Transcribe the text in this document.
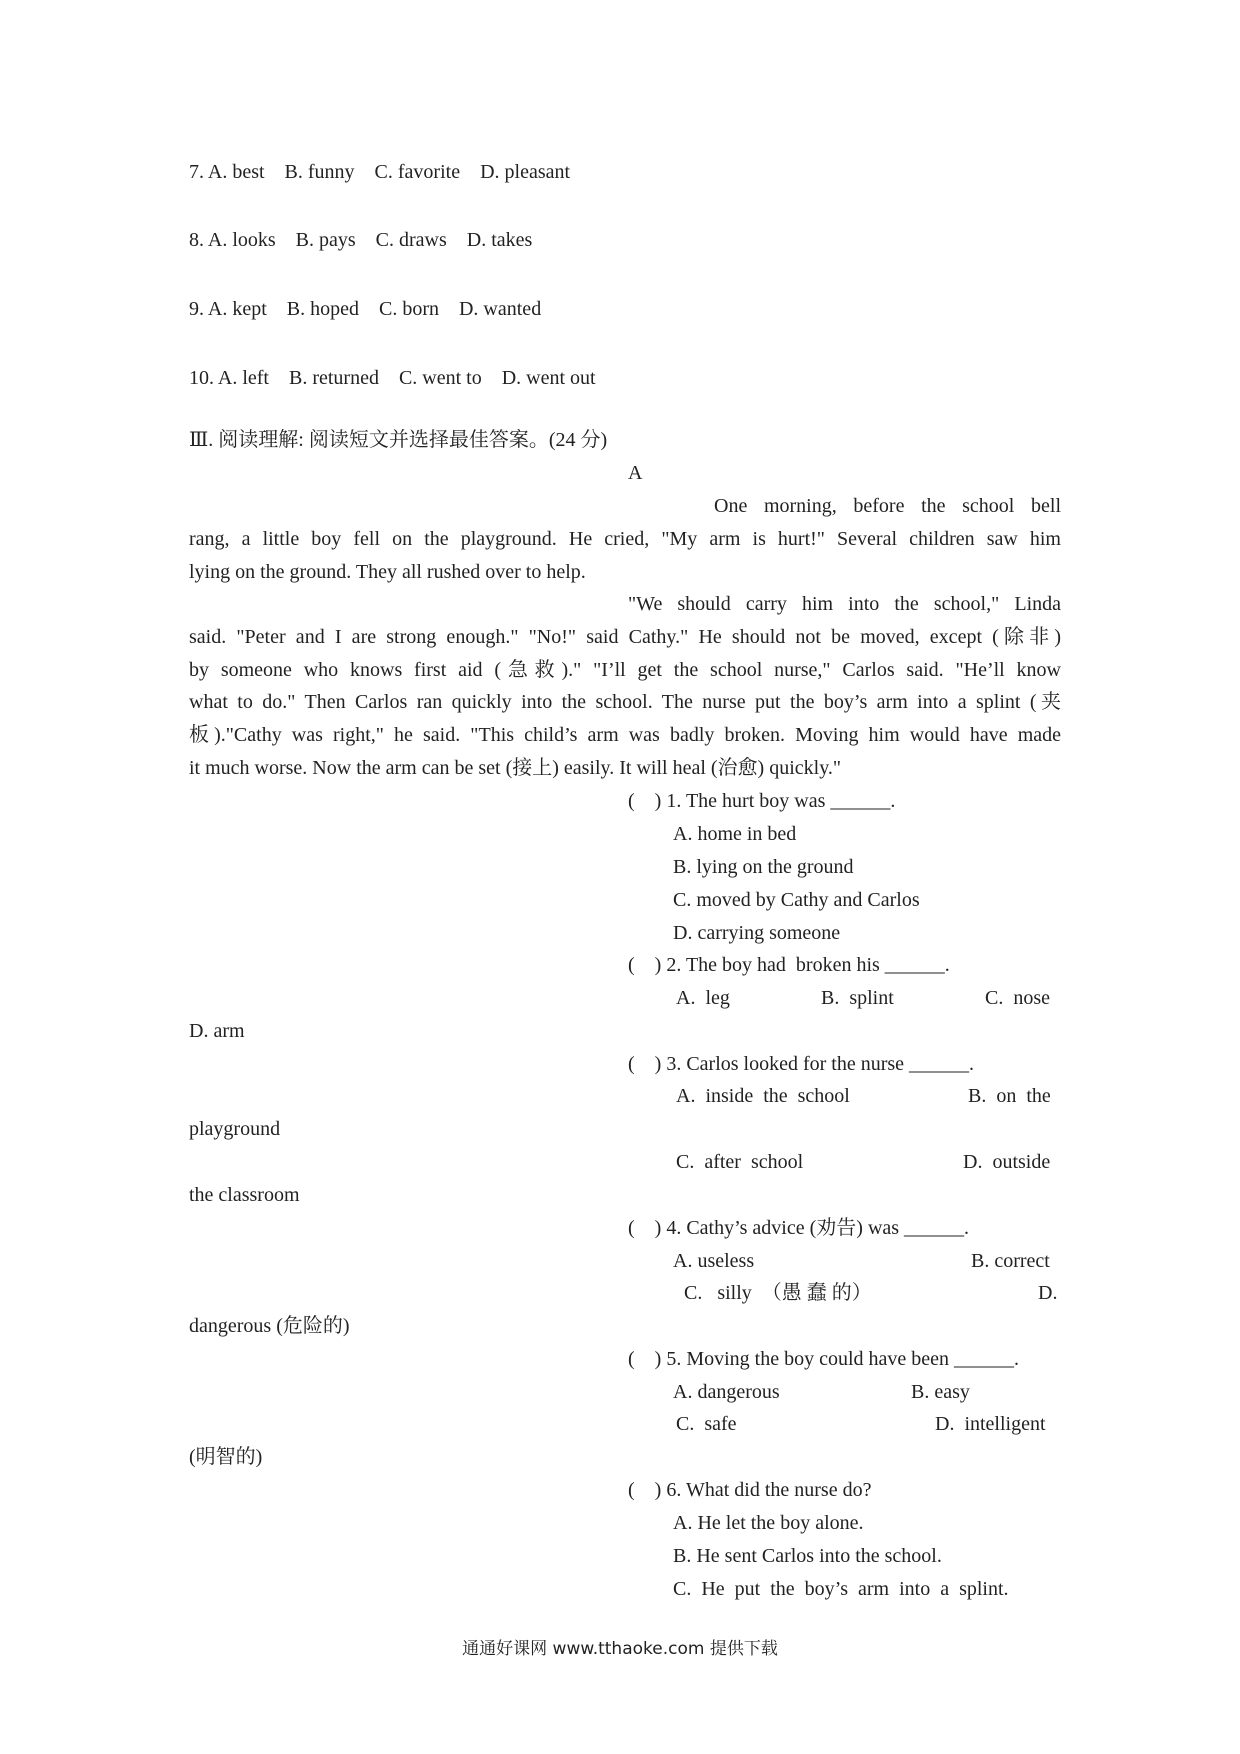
7. A. best    B. funny    C. favorite    D. pleasant
8. A. looks    B. pays    C. draws    D. takes
9. A. kept    B. hoped    C. born    D. wanted
10. A. left    B. returned    C. went to    D. went out
Ⅲ. 阅读理解: 阅读短文并选择最佳答案。(24 分)
A
One morning, before the school bell
rang, a little boy fell on the playground. He cried, "My arm is hurt!" Several children saw him
lying on the ground. They all rushed over to help.
"We should carry him into the school," Linda
said. "Peter and I are strong enough." "No!" said Cathy." He should not be moved, except (除非)
by someone who knows first aid (急救)." "I’ll get the school nurse," Carlos said. "He’ll know
what to do." Then Carlos ran quickly into the school. The nurse put the boy’s arm into a splint (夹
板)."Cathy was right," he said. "This child’s arm was badly broken. Moving him would have made
it much worse. Now the arm can be set (接上) easily. It will heal (治愈) quickly."
(    ) 1. The hurt boy was ______.
A. home in bed
B. lying on the ground
C. moved by Cathy and Carlos
D. carrying someone
(    ) 2. The boy had  broken his ______.
A.  leg	B.  splint	C.  nose
D. arm
(    ) 3. Carlos looked for the nurse ______.
A.  inside  the  school	B.  on  the
playground
C.  after  school	D.  outside
the classroom
(    ) 4. Cathy’s advice (劝告) was ______.
A. useless	B. correct
C.   silly  （愚 蠢 的）	D.
dangerous (危险的)
(    ) 5. Moving the boy could have been ______.
A. dangerous	B. easy
C.  safe	D.  intelligent
(明智的)
(    ) 6. What did the nurse do?
A. He let the boy alone.
B. He sent Carlos into the school.
C.  He  put  the  boy’s  arm  into  a  splint.
通通好课网 www.tthaoke.com 提供下载
